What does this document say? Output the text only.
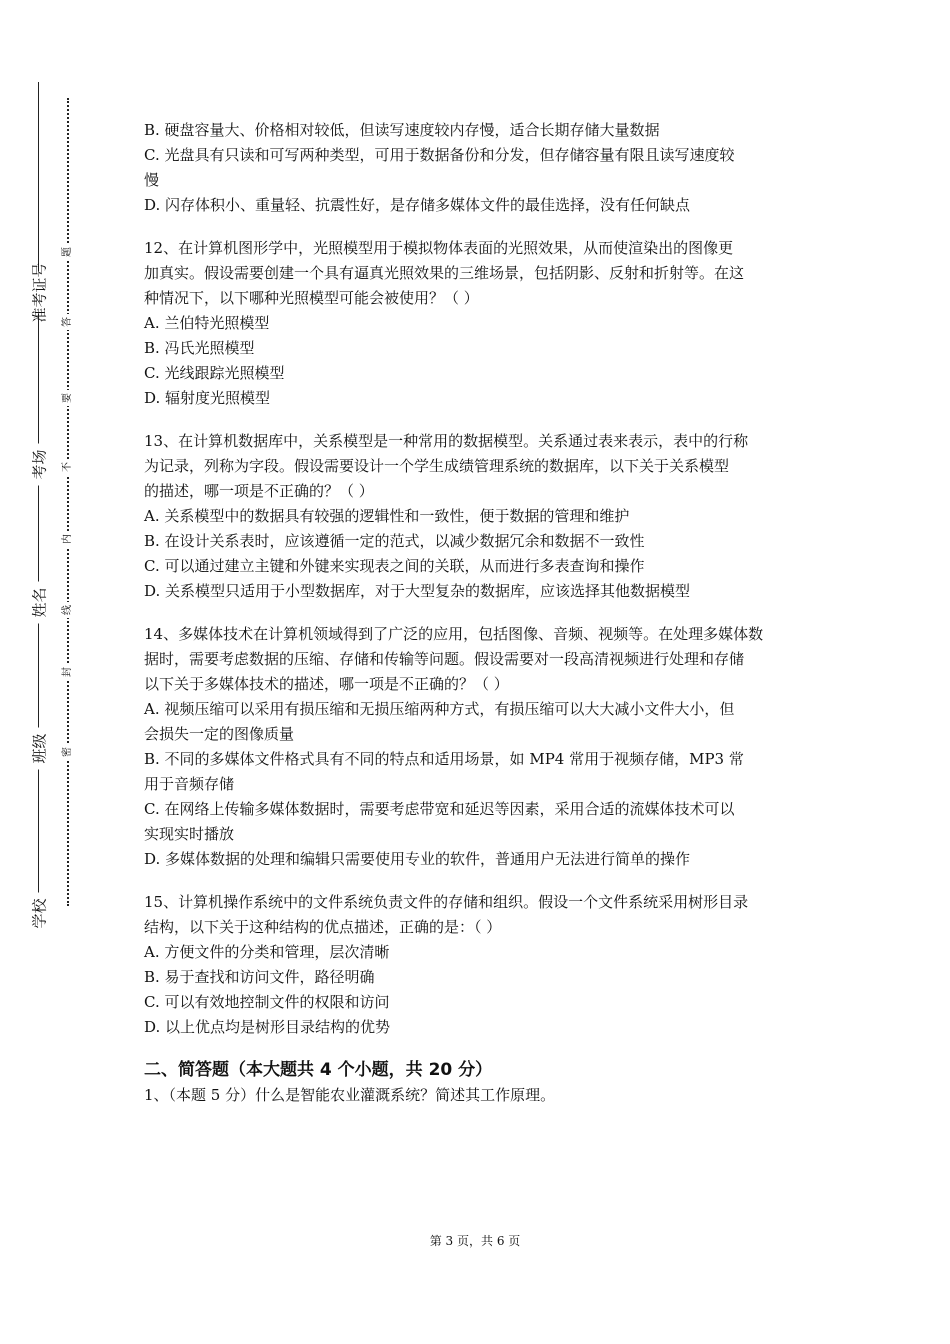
学校
班级
姓名
考场
准考证号
密
封
线
内
不
要
答
题

B. 硬盘容量大、价格相对较低，但读写速度较内存慢，适合长期存储大量数据

C. 光盘具有只读和可写两种类型，可用于数据备份和分发，但存储容量有限且读写速度较

慢

D. 闪存体积小、重量轻、抗震性好，是存储多媒体文件的最佳选择，没有任何缺点

12、在计算机图形学中，光照模型用于模拟物体表面的光照效果，从而使渲染出的图像更

加真实。假设需要创建一个具有逼真光照效果的三维场景，包括阴影、反射和折射等。在这

种情况下，以下哪种光照模型可能会被使用？（ ）

A. 兰伯特光照模型

B. 冯氏光照模型

C. 光线跟踪光照模型

D. 辐射度光照模型

13、在计算机数据库中，关系模型是一种常用的数据模型。关系通过表来表示，表中的行称

为记录，列称为字段。假设需要设计一个学生成绩管理系统的数据库，以下关于关系模型

的描述，哪一项是不正确的？（ ）

A. 关系模型中的数据具有较强的逻辑性和一致性，便于数据的管理和维护

B. 在设计关系表时，应该遵循一定的范式，以减少数据冗余和数据不一致性

C. 可以通过建立主键和外键来实现表之间的关联，从而进行多表查询和操作

D. 关系模型只适用于小型数据库，对于大型复杂的数据库，应该选择其他数据模型

14、多媒体技术在计算机领域得到了广泛的应用，包括图像、音频、视频等。在处理多媒体数

据时，需要考虑数据的压缩、存储和传输等问题。假设需要对一段高清视频进行处理和存储

以下关于多媒体技术的描述，哪一项是不正确的？（ ）

A. 视频压缩可以采用有损压缩和无损压缩两种方式，有损压缩可以大大减小文件大小，但

会损失一定的图像质量

B. 不同的多媒体文件格式具有不同的特点和适用场景，如 MP4 常用于视频存储，MP3 常

用于音频存储

C. 在网络上传输多媒体数据时，需要考虑带宽和延迟等因素，采用合适的流媒体技术可以

实现实时播放

D. 多媒体数据的处理和编辑只需要使用专业的软件，普通用户无法进行简单的操作

15、计算机操作系统中的文件系统负责文件的存储和组织。假设一个文件系统采用树形目录

结构，以下关于这种结构的优点描述，正确的是：（ ）

A. 方便文件的分类和管理，层次清晰

B. 易于查找和访问文件，路径明确

C. 可以有效地控制文件的权限和访问

D. 以上优点均是树形目录结构的优势

二、简答题（本大题共 4 个小题，共 20 分）

1、（本题 5 分）什么是智能农业灌溉系统？简述其工作原理。

第 3 页，共 6 页
